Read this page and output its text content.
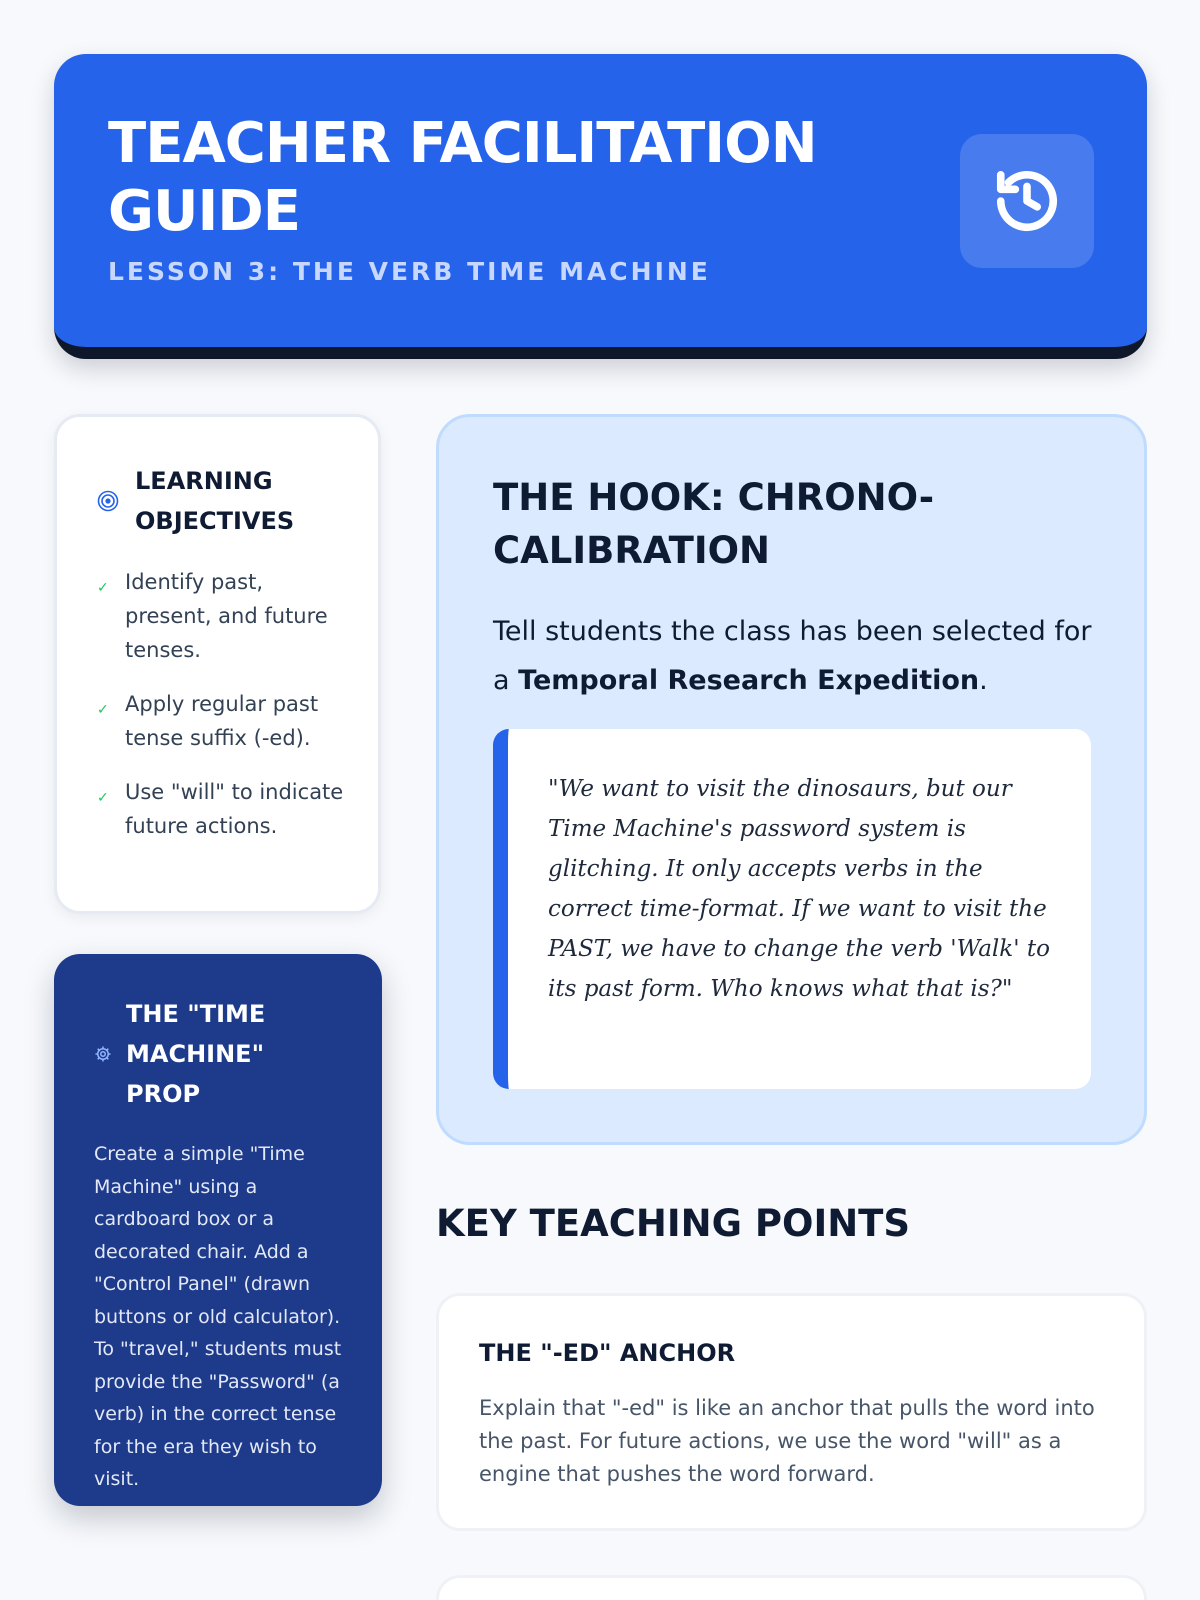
TEACHER FACILITATION GUIDE
LESSON 3: THE VERB TIME MACHINE
LEARNING OBJECTIVES
✓ Identify past, present, and future tenses.
✓ Apply regular past tense suffix (-ed).
✓ Use "will" to indicate future actions.
THE "TIME MACHINE" PROP
Create a simple "Time Machine" using a cardboard box or a decorated chair. Add a "Control Panel" (drawn buttons or old calculator). To "travel," students must provide the "Password" (a verb) in the correct tense for the era they wish to visit.
THE HOOK: CHRONO-CALIBRATION
Tell students the class has been selected for a Temporal Research Expedition.
"We want to visit the dinosaurs, but our Time Machine's password system is glitching. It only accepts verbs in the correct time-format. If we want to visit the PAST, we have to change the verb 'Walk' to its past form. Who knows what that is?"
KEY TEACHING POINTS
THE "-ED" ANCHOR
Explain that "-ed" is like an anchor that pulls the word into the past. For future actions, we use the word "will" as a engine that pushes the word forward.
